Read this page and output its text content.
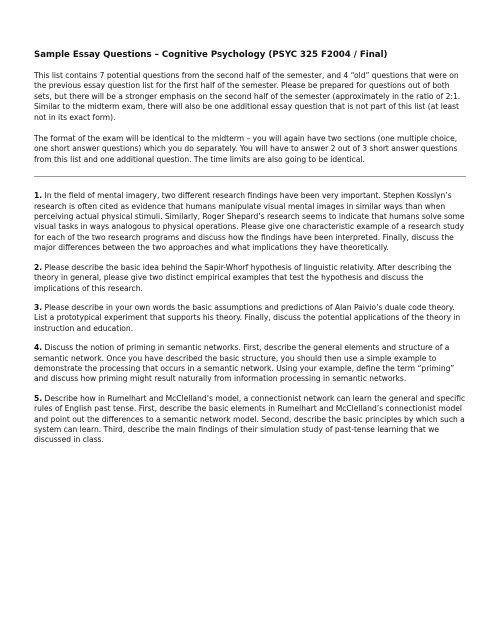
Sample Essay Questions – Cognitive Psychology (PSYC 325 F2004 / Final)

This list contains 7 potential questions from the second half of the semester, and 4 “old” questions that were on the previous essay question list for the first half of the semester. Please be prepared for questions out of both sets, but there will be a stronger emphasis on the second half of the semester (approximately in the ratio of 2:1. Similar to the midterm exam, there will also be one additional essay question that is not part of this list (at least not in its exact form).

The format of the exam will be identical to the midterm – you will again have two sections (one multiple choice, one short answer questions) which you do separately. You will have to answer 2 out of 3 short answer questions from this list and one additional question. The time limits are also going to be identical.

1. In the field of mental imagery, two different research findings have been very important. Stephen Kosslyn’s research is often cited as evidence that humans manipulate visual mental images in similar ways than when perceiving actual physical stimuli. Similarly, Roger Shepard’s research seems to indicate that humans solve some visual tasks in ways analogous to physical operations. Please give one characteristic example of a research study for each of the two research programs and discuss how the findings have been interpreted. Finally, discuss the major differences between the two approaches and what implications they have theoretically.

2. Please describe the basic idea behind the Sapir-Whorf hypothesis of linguistic relativity. After describing the theory in general, please give two distinct empirical examples that test the hypothesis and discuss the implications of this research.

3. Please describe in your own words the basic assumptions and predictions of Alan Paivio’s duale code theory. List a prototypical experiment that supports his theory. Finally, discuss the potential applications of the theory in instruction and education.

4. Discuss the notion of priming in semantic networks. First, describe the general elements and structure of a semantic network. Once you have described the basic structure, you should then use a simple example to demonstrate the processing that occurs in a semantic network. Using your example, define the term “priming” and discuss how priming might result naturally from information processing in semantic networks.

5. Describe how in Rumelhart and McClelland’s model, a connectionist network can learn the general and specific rules of English past tense. First, describe the basic elements in Rumelhart and McClelland’s connectionist model and point out the differences to a semantic network model. Second, describe the basic principles by which such a system can learn. Third, describe the main findings of their simulation study of past-tense learning that we discussed in class.
